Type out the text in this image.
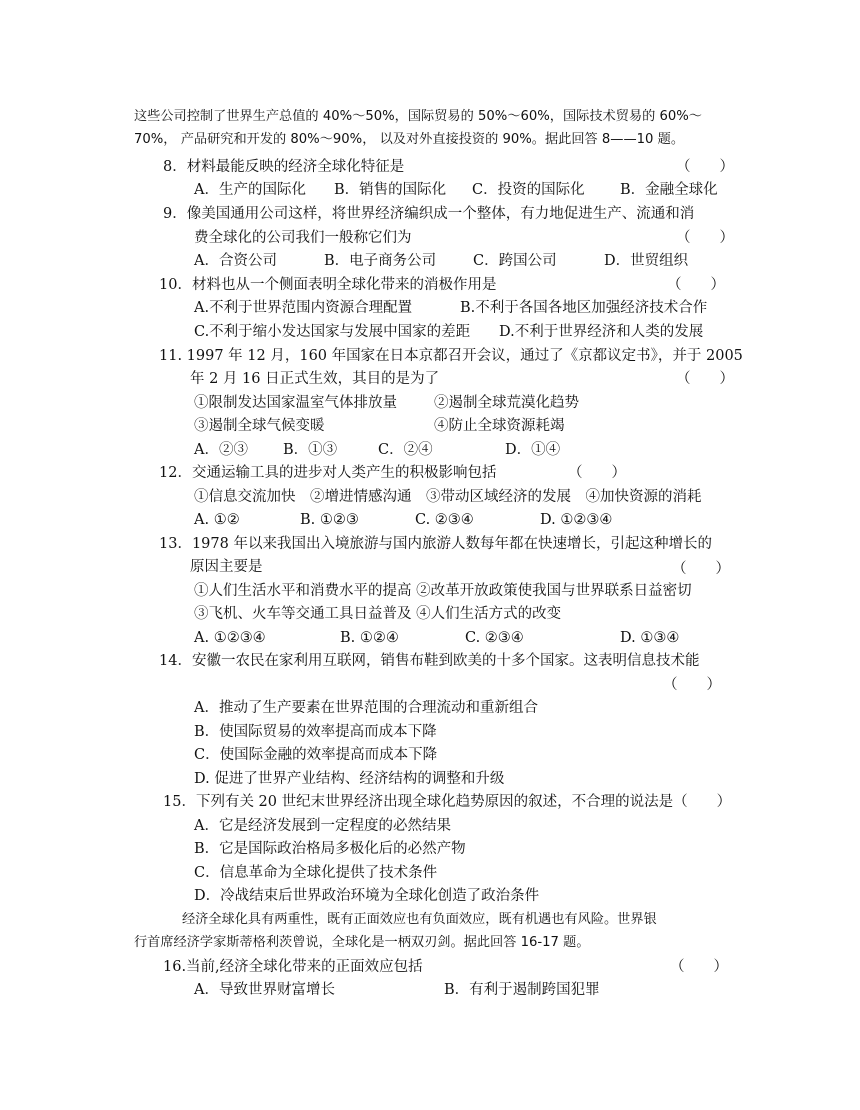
这些公司控制了世界生产总值的 40%～50%，国际贸易的 50%～60%，国际技术贸易的 60%～
70%， 产品研究和开发的 80%～90%， 以及对外直接投资的 90%。据此回答 8——10 题。
8．材料最能反映的经济全球化特征是	（　　）
A．生产的国际化 B．销售的国际化 C．投资的国际化 B．金融全球化
9．像美国通用公司这样，将世界经济编织成一个整体，有力地促进生产、流通和消
费全球化的公司我们一般称它们为	（　　）
A．合资公司	B．电子商务公司	C．跨国公司	D．世贸组织
10．材料也从一个侧面表明全球化带来的消极作用是	（　　）
A.不利于世界范围内资源合理配置	B.不利于各国各地区加强经济技术合作
C.不利于缩小发达国家与发展中国家的差距 D.不利于世界经济和人类的发展
11. 1997 年 12 月，160 年国家在日本京都召开会议，通过了《京都议定书》，并于 2005
年 2 月 16 日正式生效，其目的是为了	（　　）
①限制发达国家温室气体排放量	②遏制全球荒漠化趋势
③遏制全球气候变暖	④防止全球资源耗竭
A．②③ B．①③	C．②④	D．①④
12．交通运输工具的进步对人类产生的积极影响包括	（　　）
①信息交流加快　②增进情感沟通　③带动区域经济的发展　④加快资源的消耗
A. ①②	B. ①②③	C. ②③④	D. ①②③④
13．1978 年以来我国出入境旅游与国内旅游人数每年都在快速增长，引起这种增长的
原因主要是	（　　）
①人们生活水平和消费水平的提高 ②改革开放政策使我国与世界联系日益密切
③飞机、火车等交通工具日益普及 ④人们生活方式的改变
A. ①②③④	B. ①②④	C. ②③④	D. ①③④
14．安徽一农民在家利用互联网，销售布鞋到欧美的十多个国家。这表明信息技术能
（　　）
A．推动了生产要素在世界范围的合理流动和重新组合
B．使国际贸易的效率提高而成本下降
C．使国际金融的效率提高而成本下降
D. 促进了世界产业结构、经济结构的调整和升级
15．下列有关 20 世纪末世界经济出现全球化趋势原因的叙述，不合理的说法是（　　）
A．它是经济发展到一定程度的必然结果
B．它是国际政治格局多极化后的必然产物
C．信息革命为全球化提供了技术条件
D．冷战结束后世界政治环境为全球化创造了政治条件
经济全球化具有两重性，既有正面效应也有负面效应，既有机遇也有风险。世界银
行首席经济学家斯蒂格利茨曾说，全球化是一柄双刃剑。据此回答 16-17 题。
16.当前,经济全球化带来的正面效应包括	（　　）
A．导致世界财富增长	B．有利于遏制跨国犯罪
